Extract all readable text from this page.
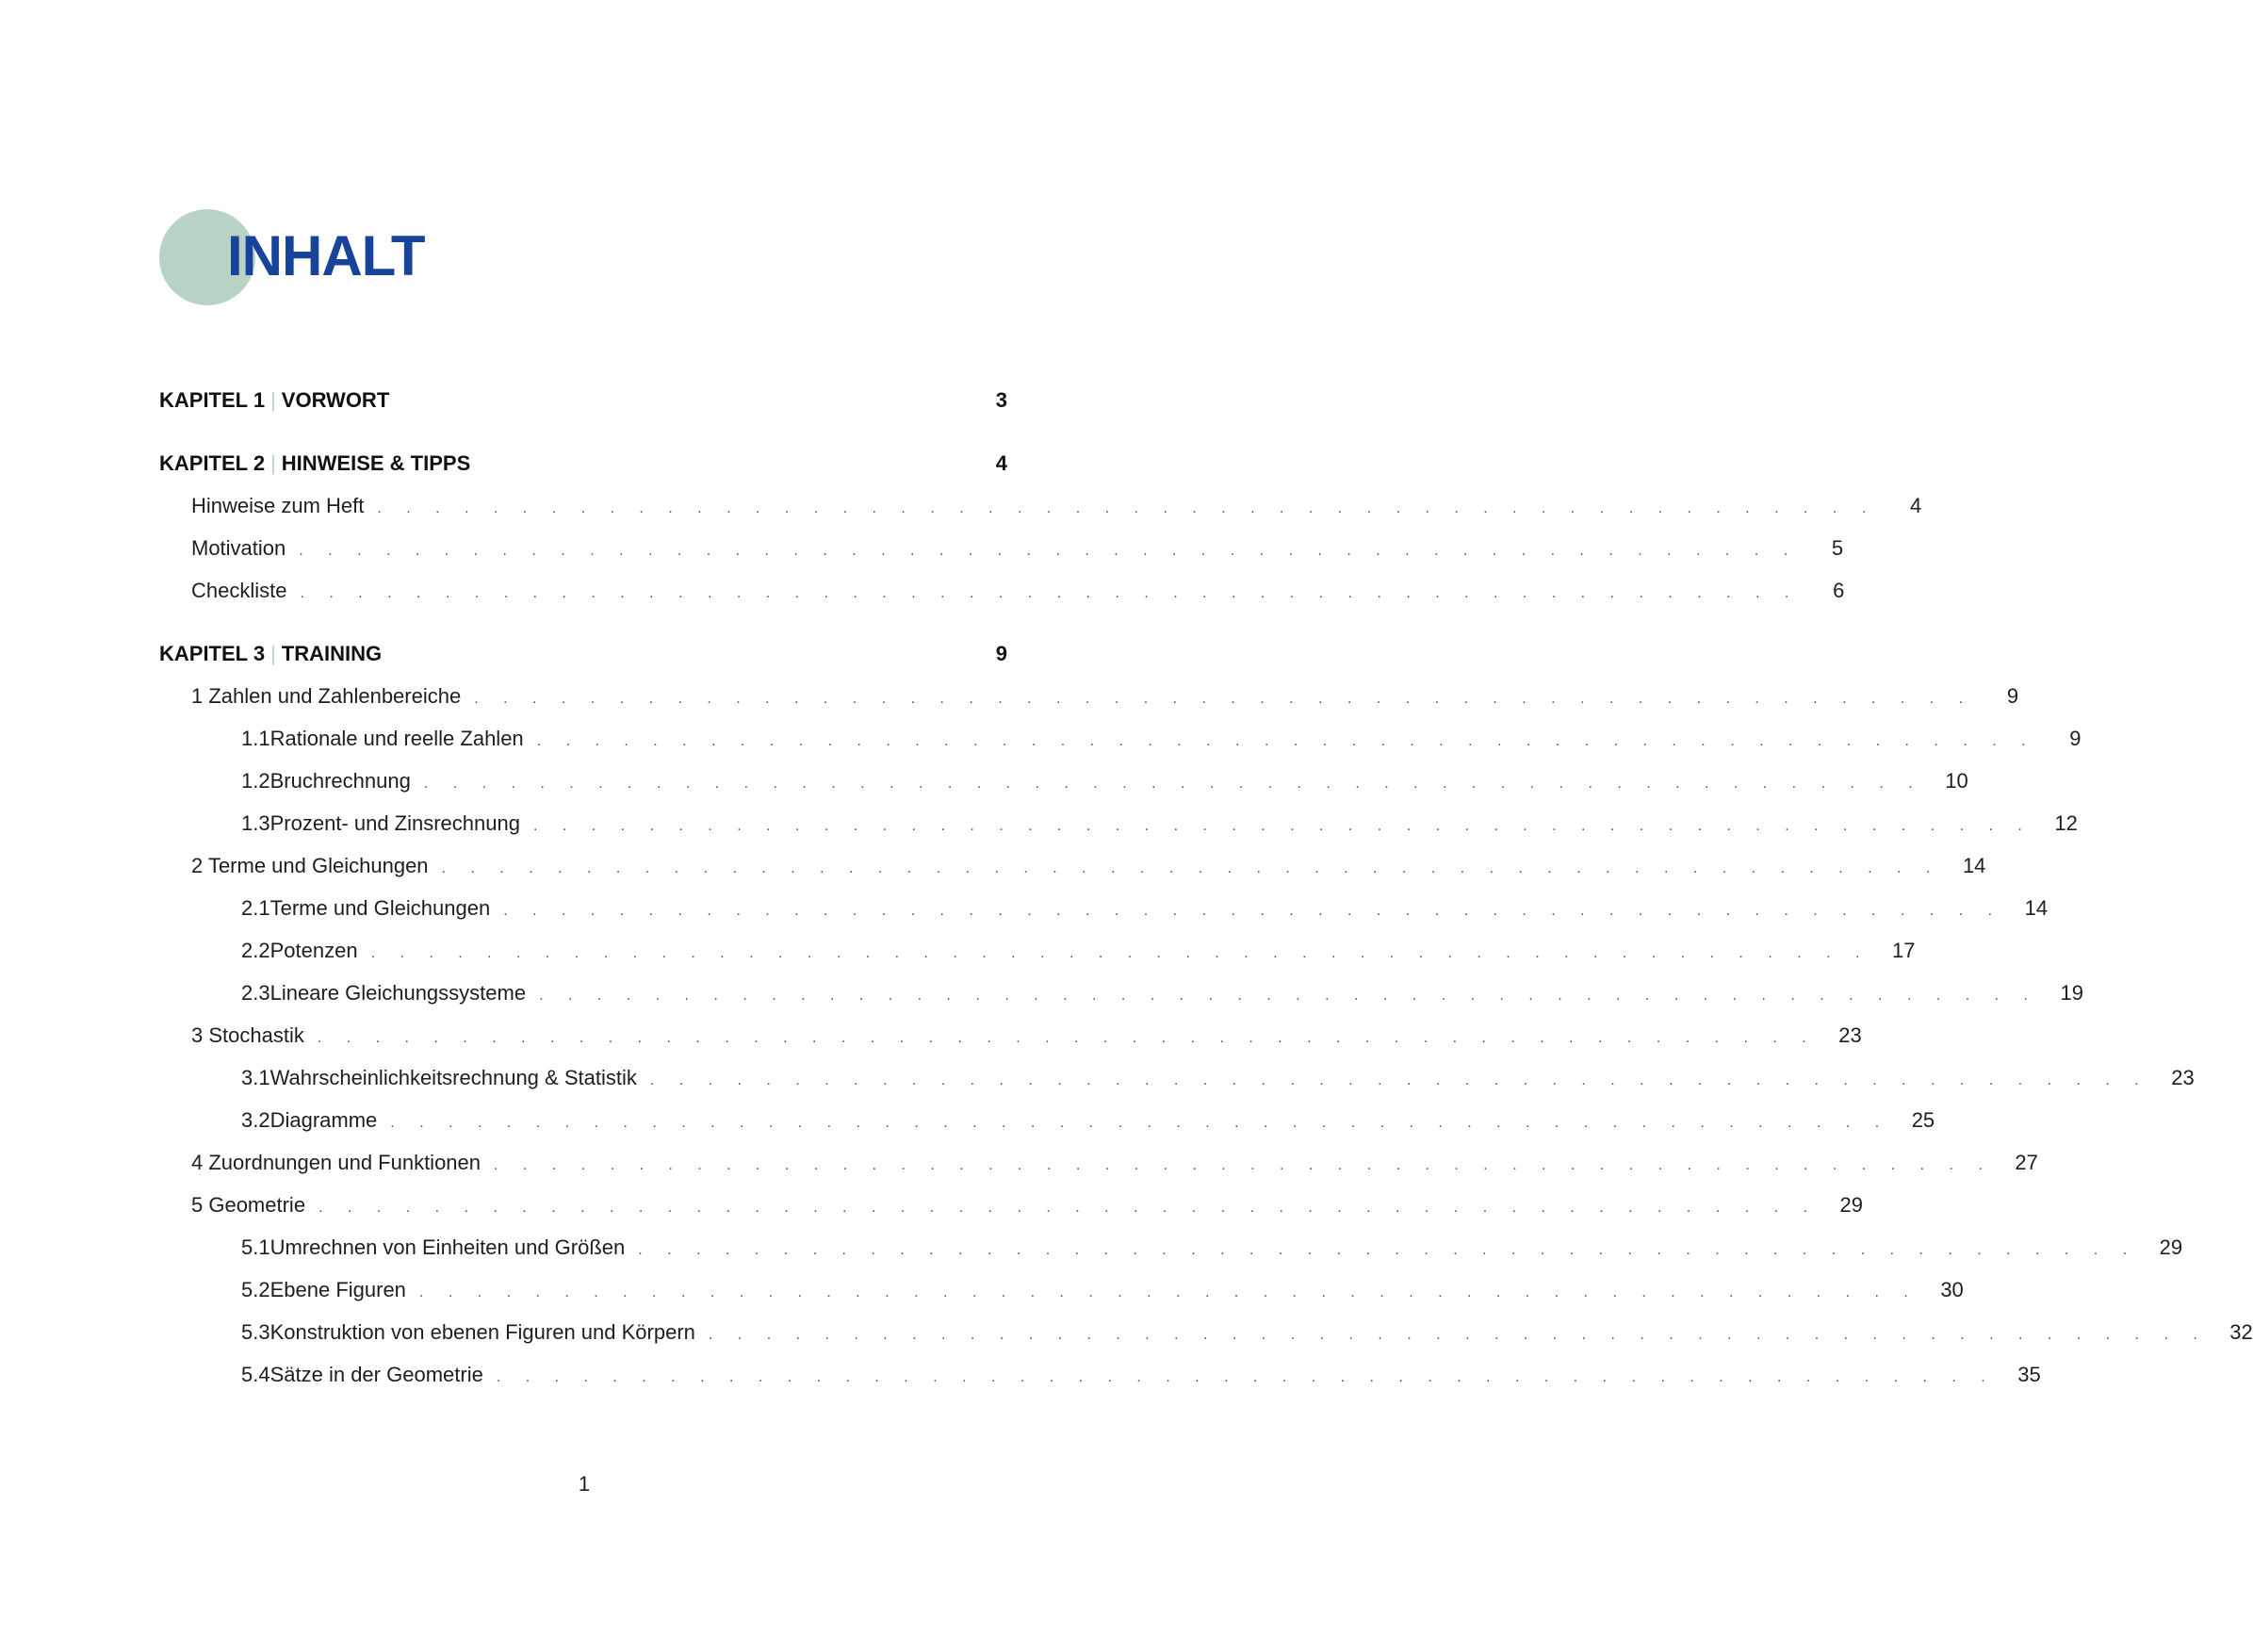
INHALT
KAPITEL 1 | VORWORT	3
KAPITEL 2 | HINWEISE & TIPPS	4
Hinweise zum Heft . . . . . . . . . . . . . . . . . . . . . . . . . . . . . . . . . . . . . . . . . . . . . . . . . . . .	4
Motivation . . . . . . . . . . . . . . . . . . . . . . . . . . . . . . . . . . . . . . . . . . . . . . . . . . . .	5
Checkliste . . . . . . . . . . . . . . . . . . . . . . . . . . . . . . . . . . . . . . . . . . . . . . . . . . . .	6
KAPITEL 3 | TRAINING	9
1 Zahlen und Zahlenbereiche . . . . . . . . . . . . . . . . . . . . . . . . . . . . . . . . . . . . . . . . . . . . . . . . . . . .	9
1.1 Rationale und reelle Zahlen . . . . . . . . . . . . . . . . . . . . . . . . . . . . . . . . . . . . . . . . . . . . . . . . . . . .	9
1.2 Bruchrechnung . . . . . . . . . . . . . . . . . . . . . . . . . . . . . . . . . . . . . . . . . . . . . . . . . . . .	10
1.3 Prozent- und Zinsrechnung . . . . . . . . . . . . . . . . . . . . . . . . . . . . . . . . . . . . . . . . . . . . . . . . . . . .	12
2 Terme und Gleichungen . . . . . . . . . . . . . . . . . . . . . . . . . . . . . . . . . . . . . . . . . . . . . . . . . . . .	14
2.1 Terme und Gleichungen . . . . . . . . . . . . . . . . . . . . . . . . . . . . . . . . . . . . . . . . . . . . . . . . . . . .	14
2.2 Potenzen . . . . . . . . . . . . . . . . . . . . . . . . . . . . . . . . . . . . . . . . . . . . . . . . . . . .	17
2.3 Lineare Gleichungssysteme . . . . . . . . . . . . . . . . . . . . . . . . . . . . . . . . . . . . . . . . . . . . . . . . . . . .	19
3 Stochastik . . . . . . . . . . . . . . . . . . . . . . . . . . . . . . . . . . . . . . . . . . . . . . . . . . . .	23
3.1 Wahrscheinlichkeitsrechnung & Statistik . . . . . . . . . . . . . . . . . . . . . . . . . . . . . . . . . . . . . . . . . . . . . . . . . . . .	23
3.2 Diagramme . . . . . . . . . . . . . . . . . . . . . . . . . . . . . . . . . . . . . . . . . . . . . . . . . . . .	25
4 Zuordnungen und Funktionen . . . . . . . . . . . . . . . . . . . . . . . . . . . . . . . . . . . . . . . . . . . . . . . . . . . .	27
5 Geometrie . . . . . . . . . . . . . . . . . . . . . . . . . . . . . . . . . . . . . . . . . . . . . . . . . . . .	29
5.1 Umrechnen von Einheiten und Größen . . . . . . . . . . . . . . . . . . . . . . . . . . . . . . . . . . . . . . . . . . . . . . . . . . . .	29
5.2 Ebene Figuren . . . . . . . . . . . . . . . . . . . . . . . . . . . . . . . . . . . . . . . . . . . . . . . . . . . .	30
5.3 Konstruktion von ebenen Figuren und Körpern . . . . . . . . . . . . . . . . . . . . . . . . . . . . . . . . . . . . . . . . . . . . . . . . . . . .	32
5.4 Sätze in der Geometrie . . . . . . . . . . . . . . . . . . . . . . . . . . . . . . . . . . . . . . . . . . . . . . . . . . . .	35
1
